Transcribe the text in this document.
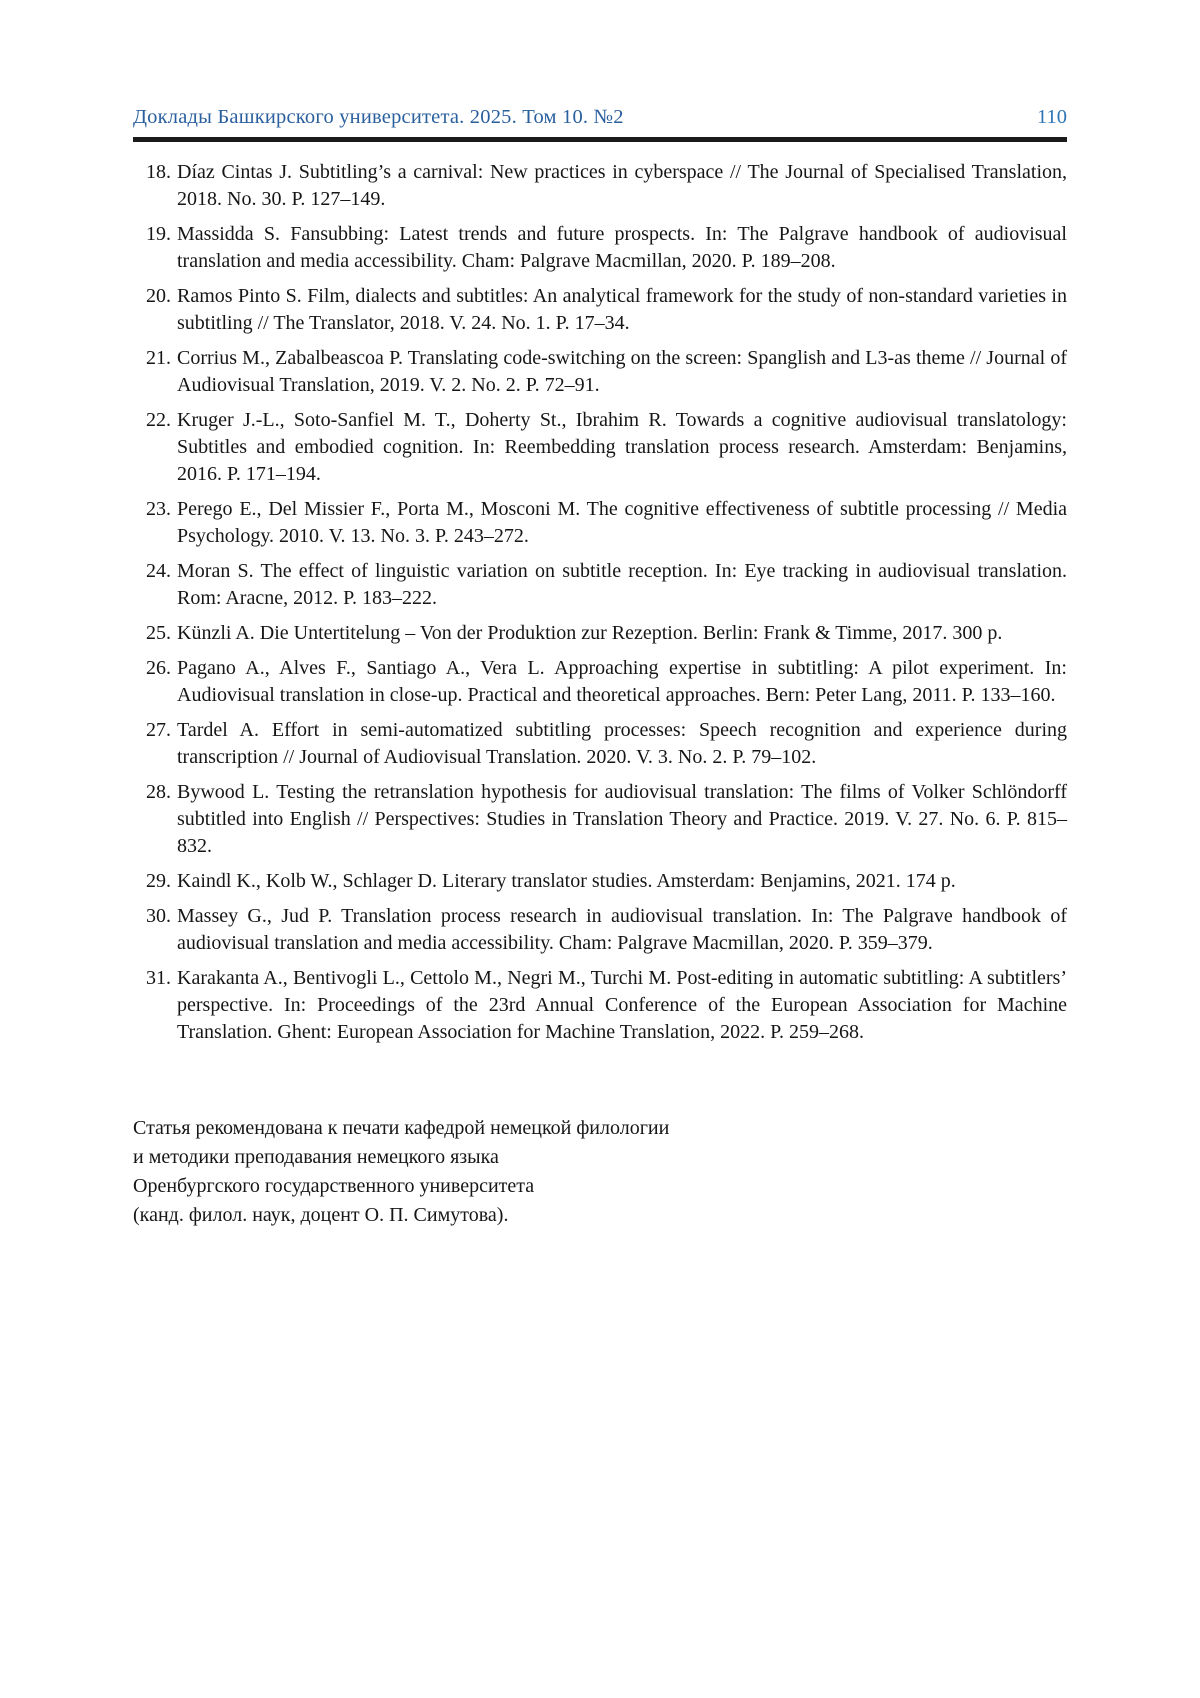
Доклады Башкирского университета. 2025. Том 10. №2	110
18. Díaz Cintas J. Subtitling’s a carnival: New practices in cyberspace // The Journal of Specialised Translation, 2018. No. 30. P. 127–149.
19. Massidda S. Fansubbing: Latest trends and future prospects. In: The Palgrave handbook of audiovisual translation and media accessibility. Cham: Palgrave Macmillan, 2020. P. 189–208.
20. Ramos Pinto S. Film, dialects and subtitles: An analytical framework for the study of non-standard varieties in subtitling // The Translator, 2018. V. 24. No. 1. P. 17–34.
21. Corrius M., Zabalbeascoa P. Translating code-switching on the screen: Spanglish and L3-as theme // Journal of Audiovisual Translation, 2019. V. 2. No. 2. P. 72–91.
22. Kruger J.-L., Soto-Sanfiel M. T., Doherty St., Ibrahim R. Towards a cognitive audiovisual translatology: Subtitles and embodied cognition. In: Reembedding translation process research. Amsterdam: Benjamins, 2016. P. 171–194.
23. Perego E., Del Missier F., Porta M., Mosconi M. The cognitive effectiveness of subtitle processing // Media Psychology. 2010. V. 13. No. 3. P. 243–272.
24. Moran S. The effect of linguistic variation on subtitle reception. In: Eye tracking in audiovisual translation. Rom: Aracne, 2012. P. 183–222.
25. Künzli A. Die Untertitelung – Von der Produktion zur Rezeption. Berlin: Frank & Timme, 2017. 300 p.
26. Pagano A., Alves F., Santiago A., Vera L. Approaching expertise in subtitling: A pilot experiment. In: Audiovisual translation in close-up. Practical and theoretical approaches. Bern: Peter Lang, 2011. P. 133–160.
27. Tardel A. Effort in semi-automatized subtitling processes: Speech recognition and experience during transcription // Journal of Audiovisual Translation. 2020. V. 3. No. 2. P. 79–102.
28. Bywood L. Testing the retranslation hypothesis for audiovisual translation: The films of Volker Schlöndorff subtitled into English // Perspectives: Studies in Translation Theory and Practice. 2019. V. 27. No. 6. P. 815–832.
29. Kaindl K., Kolb W., Schlager D. Literary translator studies. Amsterdam: Benjamins, 2021. 174 p.
30. Massey G., Jud P. Translation process research in audiovisual translation. In: The Palgrave handbook of audiovisual translation and media accessibility. Cham: Palgrave Macmillan, 2020. P. 359–379.
31. Karakanta A., Bentivogli L., Cettolo M., Negri M., Turchi M. Post-editing in automatic subtitling: A subtitlers’ perspective. In: Proceedings of the 23rd Annual Conference of the European Association for Machine Translation. Ghent: European Association for Machine Translation, 2022. P. 259–268.
Статья рекомендована к печати кафедрой немецкой филологии
и методики преподавания немецкого языка
Оренбургского государственного университета
(канд. филол. наук, доцент О. П. Симутова).
